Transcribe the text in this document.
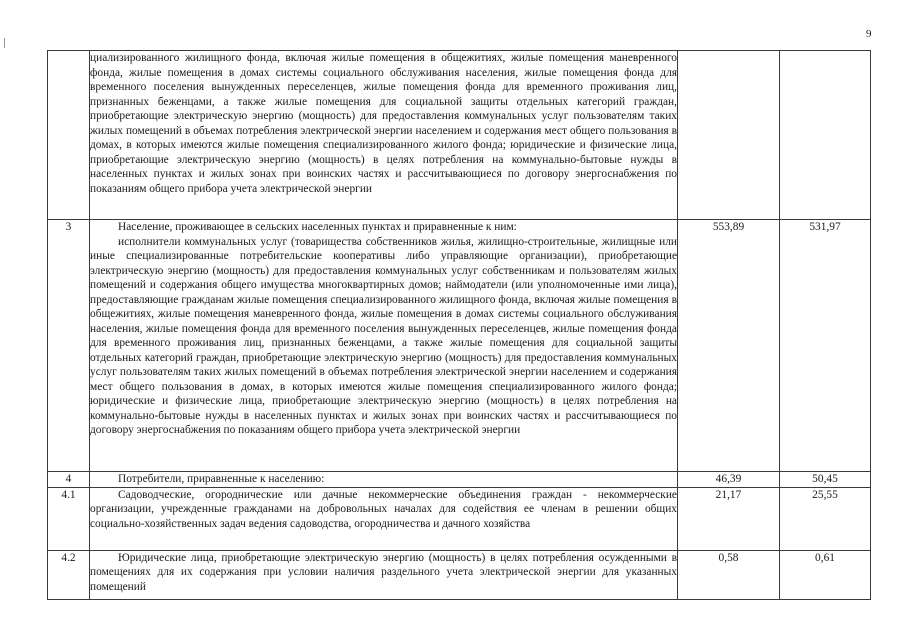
9

	циализированного жилищного фонда, включая жилые помещения в общежитиях, жилые помещения маневренного фонда, жилые помещения в домах системы социального обслуживания населения, жилые помещения фонда для временного поселения вынужденных переселенцев, жилые помещения фонда для временного проживания лиц, признанных беженцами, а также жилые помещения для социальной защиты отдельных категорий граждан, приобретающие электрическую энергию (мощность) для предоставления коммунальных услуг пользователям таких жилых помещений в объемах потребления электрической энергии населением и содержания мест общего пользования в домах, в которых имеются жилые помещения специализированного жилого фонда; юридические и физические лица, приобретающие электрическую энергию (мощность) в целях потребления на коммунально-бытовые нужды в населенных пунктах и жилых зонах при воинских частях и рассчитывающиеся по договору энергоснабжения по показаниям общего прибора учета электрической энергии		

3	Население, проживающее в сельских населенных пунктах и приравненные к ним:
исполнители коммунальных услуг (товарищества собственников жилья, жилищно-строительные, жилищные или иные специализированные потребительские кооперативы либо управляющие организации), приобретающие электрическую энергию (мощность) для предоставления коммунальных услуг собственникам и пользователям жилых помещений и содержания общего имущества многоквартирных домов; наймодатели (или уполномоченные ими лица), предоставляющие гражданам жилые помещения специализированного жилищного фонда, включая жилые помещения в общежитиях, жилые помещения маневренного фонда, жилые помещения в домах системы социального обслуживания населения, жилые помещения фонда для временного поселения вынужденных переселенцев, жилые помещения фонда для временного проживания лиц, признанных беженцами, а также жилые помещения для социальной защиты отдельных категорий граждан, приобретающие электрическую энергию (мощность) для предоставления коммунальных услуг пользователям таких жилых помещений в объемах потребления электрической энергии населением и содержания мест общего пользования в домах, в которых имеются жилые помещения специализированного жилого фонда; юридические и физические лица, приобретающие электрическую энергию (мощность) в целях потребления на коммунально-бытовые нужды в населенных пунктах и жилых зонах при воинских частях и рассчитывающиеся по договору энергоснабжения по показаниям общего прибора учета электрической энергии	553,89	531,97
4	Потребители, приравненные к населению:	46,39	50,45
4.1	Садоводческие, огороднические или дачные некоммерческие объединения граждан - некоммерческие организации, учрежденные гражданами на добровольных началах для содействия ее членам в решении общих социально-хозяйственных задач ведения садоводства, огородничества и дачного хозяйства	21,17	25,55
4.2	Юридические лица, приобретающие электрическую энергию (мощность) в целях потребления осужденными в помещениях для их содержания при условии наличия раздельного учета электрической энергии для указанных помещений	0,58	0,61
